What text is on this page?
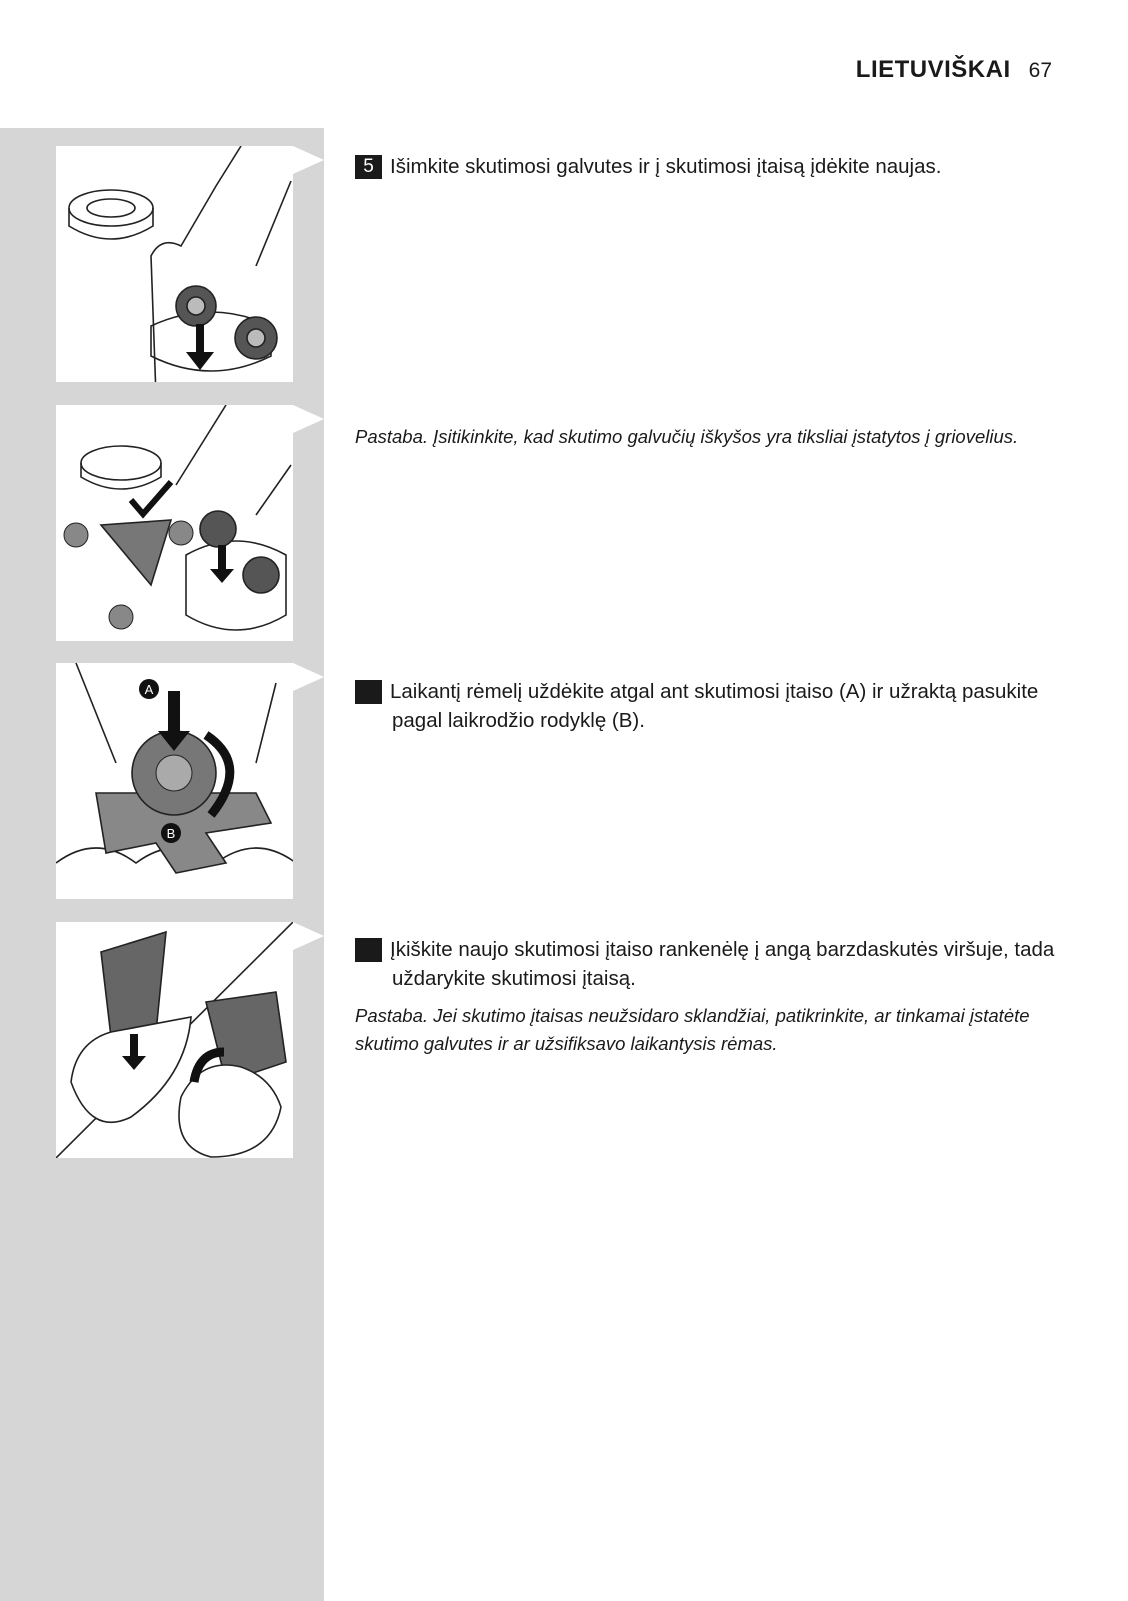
LIETUVIŠKAI 67
A
B
5 Išimkite skutimosi galvutes ir į skutimosi įtaisą įdėkite naujas.
Pastaba. Įsitikinkite, kad skutimo galvučių iškyšos yra tiksliai įstatytos į griovelius.
6 Laikantį rėmelį uždėkite atgal ant skutimosi įtaiso (A) ir užraktą pasukite pagal laikrodžio rodyklę (B).
7 Įkiškite naujo skutimosi įtaiso rankenėlę į angą barzdaskutės viršuje, tada uždarykite skutimosi įtaisą.
Pastaba. Jei skutimo įtaisas neužsidaro sklandžiai, patikrinkite, ar tinkamai įstatėte skutimo galvutes ir ar užsifiksavo laikantysis rėmas.
